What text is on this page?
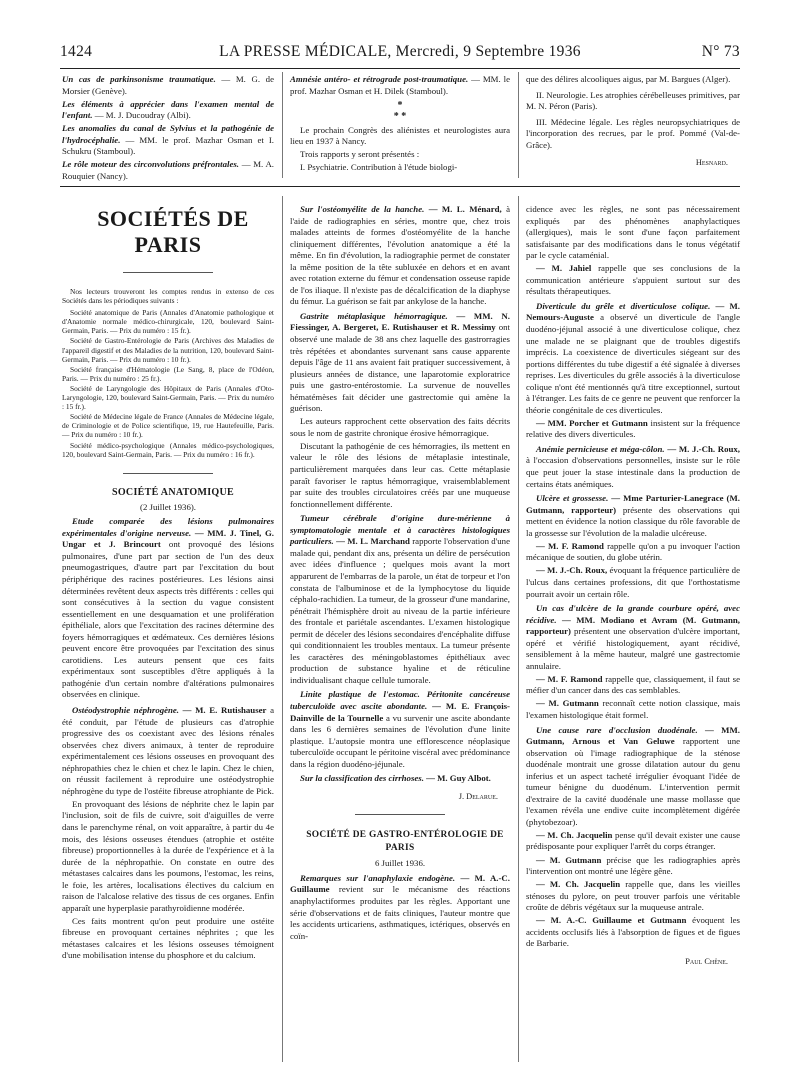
1424	LA PRESSE MÉDICALE, Mercredi, 9 Septembre 1936	N° 73

Un cas de parkinsonisme traumatique. — M. G. de Morsier (Genève).

Les éléments à apprécier dans l'examen mental de l'enfant. — M. J. Ducoudray (Albi).

Les anomalies du canal de Sylvius et la pathogénie de l'hydrocéphalie. — MM. le prof. Mazhar Osman et I. Schukru (Stamboul).

Le rôle moteur des circonvolutions préfrontales. — M. A. Rouquier (Nancy).

Amnésie antéro- et rétrograde post-traumatique. — MM. le prof. Mazhar Osman et H. Dilek (Stamboul).

*

* *

Le prochain Congrès des aliénistes et neurologistes aura lieu en 1937 à Nancy.

Trois rapports y seront présentés :

I. Psychiatrie. Contribution à l'étude biologi-

que des délires alcooliques aigus, par M. Bargues (Alger).

II. Neurologie. Les atrophies cérébelleuses primitives, par M. N. Péron (Paris).

III. Médecine légale. Les règles neuropsychiatriques de l'incorporation des recrues, par le prof. Pommé (Val-de-Grâce).

Hesnard.

SOCIÉTÉS DE PARIS

Nos lecteurs trouveront les comptes rendus in extenso de ces Sociétés dans les périodiques suivants :

Société anatomique de Paris (Annales d'Anatomie pathologique et d'Anatomie normale médico-chirurgicale, 120, boulevard Saint-Germain, Paris. — Prix du numéro : 15 fr.).

Société de Gastro-Entérologie de Paris (Archives des Maladies de l'appareil digestif et des Maladies de la nutrition, 120, boulevard Saint-Germain, Paris. — Prix du numéro : 10 fr.).

Société française d'Hématologie (Le Sang, 8, place de l'Odéon, Paris. — Prix du numéro : 25 fr.).

Société de Laryngologie des Hôpitaux de Paris (Annales d'Oto-Laryngologie, 120, boulevard Saint-Germain, Paris. — Prix du numéro : 15 fr.).

Société de Médecine légale de France (Annales de Médecine légale, de Criminologie et de Police scientifique, 19, rue Hautefeuille, Paris. — Prix du numéro : 10 fr.).

Société médico-psychologique (Annales médico-psychologiques, 120, boulevard Saint-Germain, Paris. — Prix du numéro : 16 fr.).

SOCIÉTÉ ANATOMIQUE

(2 Juillet 1936).

Etude comparée des lésions pulmonaires expérimentales d'origine nerveuse. — MM. J. Tinel, G. Ungar et J. Brincourt ont provoqué des lésions pulmonaires, d'une part par section de l'un des deux pneumogastriques, d'autre part par l'excitation du bout périphérique des racines postérieures. Les lésions ainsi déterminées revêtent deux aspects très différents : celles qui sont consécutives à la section du vague consistent essentiellement en une desquamation et une prolifération épithéliale, alors que l'excitation des racines détermine des foyers hémorragiques et œdémateux. Ces dernières lésions peuvent encore être provoquées par l'excitation des sinus carotidiens. Les auteurs pensent que ces faits expérimentaux sont susceptibles d'être appliqués à la pathogénie d'un certain nombre d'altérations pulmonaires observées en clinique.

Ostéodystrophie néphrogène. — M. E. Rutishauser a été conduit, par l'étude de plusieurs cas d'atrophie progressive des os coexistant avec des lésions rénales observées chez divers animaux, à tenter de reproduire expérimentalement ces lésions osseuses en provoquant des néphropathies chez le chien et chez le lapin. Chez le chien, on réussit facilement à reproduire une ostéodystrophie néphrogène du type de l'ostéite fibreuse atrophiante de Pick.

En provoquant des lésions de néphrite chez le lapin par l'inclusion, soit de fils de cuivre, soit d'aiguilles de verre dans le parenchyme rénal, on voit apparaître, à partir du 4e mois, des lésions osseuses étendues (atrophie et ostéite fibreuse) proportionnelles à la durée de l'expérience et à la durée de la néphropathie. On constate en outre des métastases calcaires dans les poumons, l'estomac, les reins, le foie, les artères, localisations électives du calcium en raison de l'alcalose relative des tissus de ces organes. Enfin apparaît une hyperplasie parathyroïdienne modérée.

Ces faits montrent qu'on peut produire une ostéite fibreuse en provoquant certaines néphrites ; que les métastases calcaires et les lésions osseuses témoignent d'une mobilisation intense du phosphore et du calcium.

Sur l'ostéomyélite de la hanche. — M. L. Ménard, à l'aide de radiographies en séries, montre que, chez trois malades atteints de formes d'ostéomyélite de la hanche cliniquement différentes, l'évolution anatomique a été la même. En fin d'évolution, la radiographie permet de constater la même position de la tête subluxée en dehors et en avant avec rotation externe du fémur et condensation osseuse rapide de l'os iliaque. Il n'existe pas de décalcification de la diaphyse du fémur. La guérison se fait par ankylose de la hanche.

Gastrite métaplasique hémorragique. — MM. N. Fiessinger, A. Bergeret, E. Rutishauser et R. Messimy ont observé une malade de 38 ans chez laquelle des gastrorragies très répétées et abondantes survenant sans cause apparente depuis l'âge de 11 ans avaient fait pratiquer successivement, à plusieurs années de distance, une laparotomie exploratrice puis une gastro-entérostomie. La survenue de nouvelles hématémèses fait décider une gastrectomie qui amène la guérison.

Les auteurs rapprochent cette observation des faits décrits sous le nom de gastrite chronique érosive hémorragique.

Discutant la pathogénie de ces hémorragies, ils mettent en valeur le rôle des lésions de métaplasie intestinale, particulièrement marquées dans leur cas. Cette métaplasie paraît favoriser le raptus hémorragique, vraisemblablement par suite des troubles circulatoires créés par une muqueuse fonctionnellement différente.

Tumeur cérébrale d'origine dure-mérienne à symptomatologie mentale et à caractères histologiques particuliers. — M. L. Marchand rapporte l'observation d'une malade qui, pendant dix ans, présenta un délire de persécution avec idées d'influence ; quelques mois avant la mort apparurent de l'embarras de la parole, un état de torpeur et l'on constata de l'albuminose et de la lymphocytose du liquide céphalo-rachidien. La tumeur, de la grosseur d'une mandarine, pénétrait l'hémisphère droit au niveau de la partie inférieure des frontale et pariétale ascendantes. L'examen histologique permit de déceler des lésions secondaires d'encéphalite diffuse qui conditionnaient les troubles mentaux. La tumeur présente les caractères des méningoblastomes épithéliaux avec production de substance hyaline et de réticuline individualisant chaque cellule tumorale.

Linite plastique de l'estomac. Péritonite cancéreuse tuberculoïde avec ascite abondante. — M. E. François-Dainville de la Tournelle a vu survenir une ascite abondante dans les 6 dernières semaines de l'évolution d'une linite plastique. L'autopsie montra une efflorescence néoplasique tuberculoïde occupant le péritoine viscéral avec prédominance dans la région duodéno-jéjunale.

Sur la classification des cirrhoses. — M. Guy Albot.

J. Delarue.

SOCIÉTÉ DE GASTRO-ENTÉROLOGIE DE PARIS

6 Juillet 1936.

Remarques sur l'anaphylaxie endogène. — M. A.-C. Guillaume revient sur le mécanisme des réactions anaphylactiformes produites par les règles. Apportant une série d'observations et de faits cliniques, l'auteur montre que les accidents urticariens, asthmatiques, ictériques, observés en coïn-

cidence avec les règles, ne sont pas nécessairement expliqués par des phénomènes anaphylactiques (allergiques), mais le sont d'une façon parfaitement satisfaisante par des modifications dans le tonus végétatif par le cycle cataménial.

— M. Jahiel rappelle que ses conclusions de la communication antérieure s'appuient surtout sur des résultats thérapeutiques.

Diverticule du grêle et diverticulose colique. — M. Nemours-Auguste a observé un diverticule de l'angle duodéno-jéjunal associé à une diverticulose colique, chez une malade ne se plaignant que de troubles digestifs imprécis. La coexistence de diverticules siégeant sur des portions différentes du tube digestif a été signalée à diverses reprises. Les diverticules du grêle associés à la diverticulose colique n'ont été mentionnés qu'à titre exceptionnel, surtout à l'étranger. Les faits de ce genre ne peuvent que renforcer la théorie congénitale de ces diverticules.

— MM. Porcher et Gutmann insistent sur la fréquence relative des divers diverticules.

Anémie pernicieuse et méga-côlon. — M. J.-Ch. Roux, à l'occasion d'observations personnelles, insiste sur le rôle que peut jouer la stase intestinale dans la production de certains états anémiques.

Ulcère et grossesse. — Mme Parturier-Lanegrace (M. Gutmann, rapporteur) présente des observations qui mettent en évidence la notion classique du rôle favorable de la grossesse sur l'évolution de la maladie ulcéreuse.

— M. F. Ramond rappelle qu'on a pu invoquer l'action mécanique de soutien, du globe utérin.

— M. J.-Ch. Roux, évoquant la fréquence particulière de l'ulcus dans certaines professions, dit que l'orthostatisme pourrait avoir un certain rôle.

Un cas d'ulcère de la grande courbure opéré, avec récidive. — MM. Modiano et Avram (M. Gutmann, rapporteur) présentent une observation d'ulcère important, opéré et vérifié histologiquement, ayant récidivé, sensiblement à la même hauteur, malgré une gastrectomie annulaire.

— M. F. Ramond rappelle que, classiquement, il faut se méfier d'un cancer dans des cas semblables.

— M. Gutmann reconnaît cette notion classique, mais l'examen histologique était formel.

Une cause rare d'occlusion duodénale. — MM. Gutmann, Arnous et Van Geluwe rapportent une observation où l'image radiographique de la sténose duodénale montrait une grosse dilatation autour du genu inferius et un aspect tacheté irrégulier évoquant l'idée de tumeur bénigne du duodénum. L'intervention permit d'extraire de la cavité duodénale une masse mollasse que l'examen révéla une endive cuite incomplètement digérée (phytobezoar).

— M. Ch. Jacquelin pense qu'il devait exister une cause prédisposante pour expliquer l'arrêt du corps étranger.

— M. Gutmann précise que les radiographies après l'intervention ont montré une légère gêne.

— M. Ch. Jacquelin rappelle que, dans les vieilles sténoses du pylore, on peut trouver parfois une véritable croûte de débris végétaux sur la muqueuse antrale.

— M. A.-C. Guillaume et Gutmann évoquent les accidents occlusifs liés à l'absorption de figues et de figues de Barbarie.

Paul Chêne.
